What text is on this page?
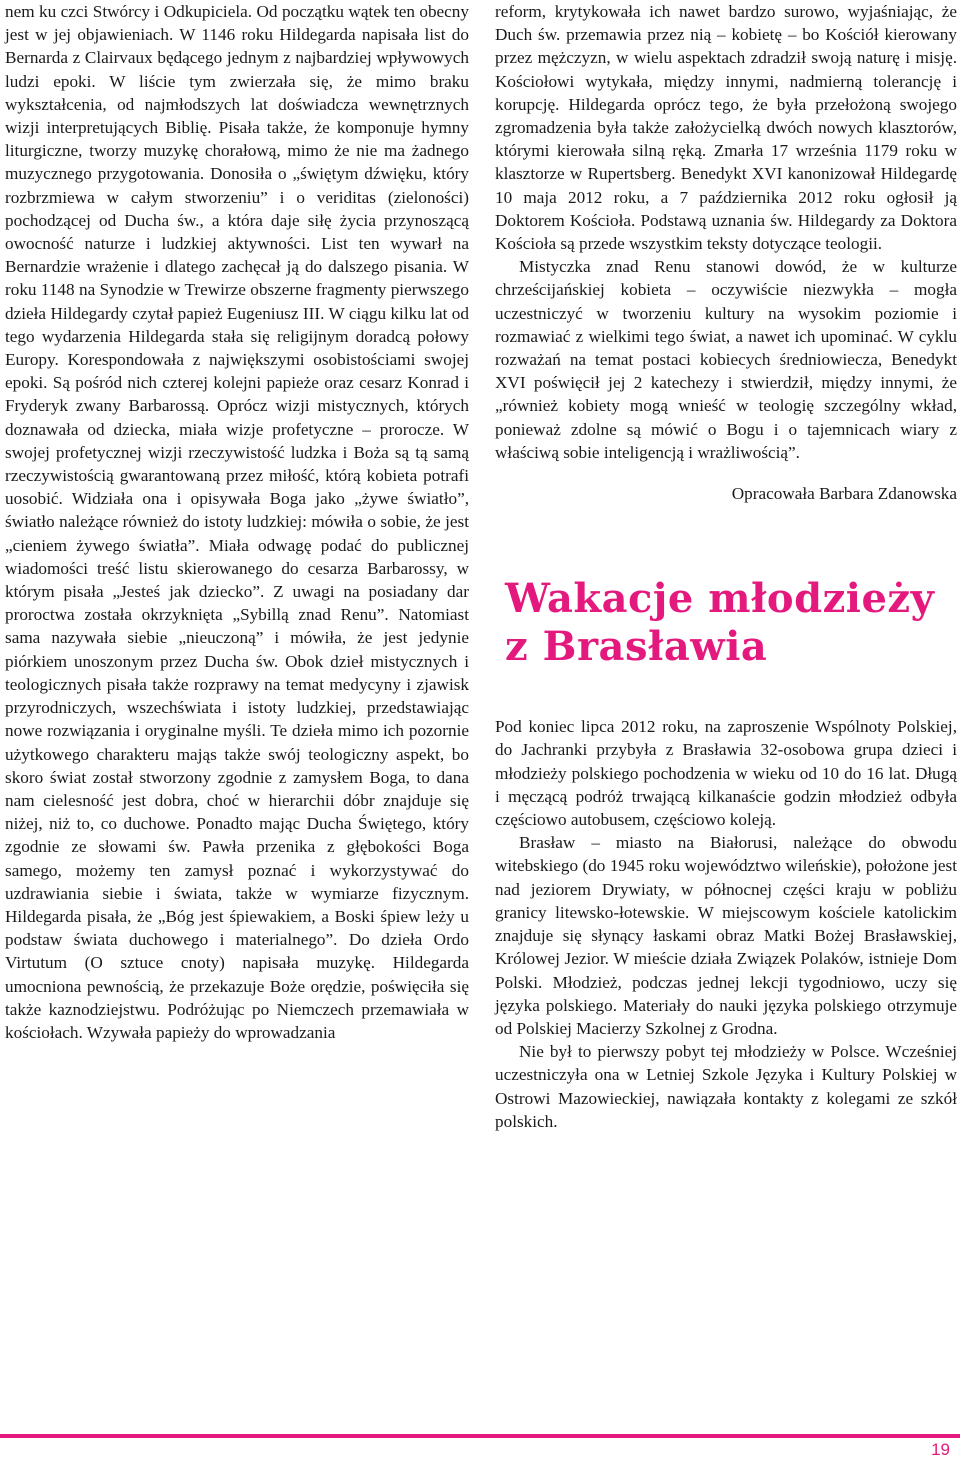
nem ku czci Stwórcy i Odkupiciela. Od początku wątek ten obecny jest w jej objawieniach. W 1146 roku Hildegarda napisała list do Bernarda z Clairvaux będącego jednym z najbardziej wpływowych ludzi epoki. W liście tym zwierzała się, że mimo braku wykształcenia, od najmłodszych lat doświadcza wewnętrznych wizji interpretujących Biblię. Pisała także, że komponuje hymny liturgiczne, tworzy muzykę chorałową, mimo że nie ma żadnego muzycznego przygotowania. Donosiła o „świętym dźwięku, który rozbrzmiewa w całym stworzeniu” i o veriditas (zieloności) pochodzącej od Ducha św., a która daje siłę życia przynoszącą owocność naturze i ludzkiej aktywności. List ten wywarł na Bernardzie wrażenie i dlatego zachęcał ją do dalszego pisania. W roku 1148 na Synodzie w Trewirze obszerne fragmenty pierwszego dzieła Hildegardy czytał papież Eugeniusz III. W ciągu kilku lat od tego wydarzenia Hildegarda stała się religijnym doradcą połowy Europy. Korespondowała z największymi osobistościami swojej epoki. Są pośród nich czterej kolejni papieże oraz cesarz Konrad i Fryderyk zwany Barbarossą. Oprócz wizji mistycznych, których doznawała od dziecka, miała wizje profetyczne – prorocze. W swojej profetycznej wizji rzeczywistość ludzka i Boża są tą samą rzeczywistością gwarantowaną przez miłość, którą kobieta potrafi uosobić. Widziała ona i opisywała Boga jako „żywe światło”, światło należące również do istoty ludzkiej: mówiła o sobie, że jest „cieniem żywego światła”. Miała odwagę podać do publicznej wiadomości treść listu skierowanego do cesarza Barbarossy, w którym pisała „Jesteś jak dziecko”. Z uwagi na posiadany dar proroctwa została okrzyknięta „Sybillą znad Renu”. Natomiast sama nazywała siebie „nieuczoną” i mówiła, że jest jedynie piórkiem unoszonym przez Ducha św. Obok dzieł mistycznych i teologicznych pisała także rozprawy na temat medycyny i zjawisk przyrodniczych, wszechświata i istoty ludzkiej, przedstawiając nowe rozwiązania i oryginalne myśli. Te dzieła mimo ich pozornie użytkowego charakteru mająs także swój teologiczny aspekt, bo skoro świat został stworzony zgodnie z zamysłem Boga, to dana nam cielesność jest dobra, choć w hierarchii dóbr znajduje się niżej, niż to, co duchowe. Ponadto mając Ducha Świętego, który zgodnie ze słowami św. Pawła przenika z głębokości Boga samego, możemy ten zamysł poznać i wykorzystywać do uzdrawiania siebie i świata, także w wymiarze fizycznym. Hildegarda pisała, że „Bóg jest śpiewakiem, a Boski śpiew leży u podstaw świata duchowego i materialnego”. Do dzieła Ordo Virtutum (O sztuce cnoty) napisała muzykę. Hildegarda umocniona pewnością, że przekazuje Boże orędzie, poświęciła się także kaznodziejstwu. Podróżując po Niemczech przemawiała w kościołach. Wzywała papieży do wprowadzania

reform, krytykowała ich nawet bardzo surowo, wyjaśniając, że Duch św. przemawia przez nią – kobietę – bo Kościół kierowany przez mężczyzn, w wielu aspektach zdradził swoją naturę i misję. Kościołowi wytykała, między innymi, nadmierną tolerancję i korupcję. Hildegarda oprócz tego, że była przełożoną swojego zgromadzenia była także założycielką dwóch nowych klasztorów, którymi kierowała silną ręką. Zmarła 17 września 1179 roku w klasztorze w Rupertsberg. Benedykt XVI kanonizował Hildegardę 10 maja 2012 roku, a 7 października 2012 roku ogłosił ją Doktorem Kościoła. Podstawą uznania św. Hildegardy za Doktora Kościoła są przede wszystkim teksty dotyczące teologii.

Mistyczka znad Renu stanowi dowód, że w kulturze chrześcijańskiej kobieta – oczywiście niezwykła – mogła uczestniczyć w tworzeniu kultury na wysokim poziomie i rozmawiać z wielkimi tego świat, a nawet ich upominać. W cyklu rozważań na temat postaci kobiecych średniowiecza, Benedykt XVI poświęcił jej 2 katechezy i stwierdził, między innymi, że „również kobiety mogą wnieść w teologię szczególny wkład, ponieważ zdolne są mówić o Bogu i o tajemnicach wiary z właściwą sobie inteligencją i wrażliwością”.

Opracowała Barbara Zdanowska

Wakacje młodzieży
z Brasławia

Pod koniec lipca 2012 roku, na zaproszenie Wspólnoty Polskiej, do Jachranki przybyła z Brasławia 32-osobowa grupa dzieci i młodzieży polskiego pochodzenia w wieku od 10 do 16 lat. Długą i męczącą podróż trwającą kilkanaście godzin młodzież odbyła częściowo autobusem, częściowo koleją.

Brasław – miasto na Białorusi, należące do obwodu witebskiego (do 1945 roku województwo wileńskie), położone jest nad jeziorem Drywiaty, w północnej części kraju w pobliżu granicy litewsko-łotewskie. W miejscowym kościele katolickim znajduje się słynący łaskami obraz Matki Bożej Brasławskiej, Królowej Jezior. W mieście działa Związek Polaków, istnieje Dom Polski. Młodzież, podczas jednej lekcji tygodniowo, uczy się języka polskiego. Materiały do nauki języka polskiego otrzymuje od Polskiej Macierzy Szkolnej z Grodna.

Nie był to pierwszy pobyt tej młodzieży w Polsce. Wcześniej uczestniczyła ona w Letniej Szkole Języka i Kultury Polskiej w Ostrowi Mazowieckiej, nawiązała kontakty z kolegami ze szkół polskich.

19
